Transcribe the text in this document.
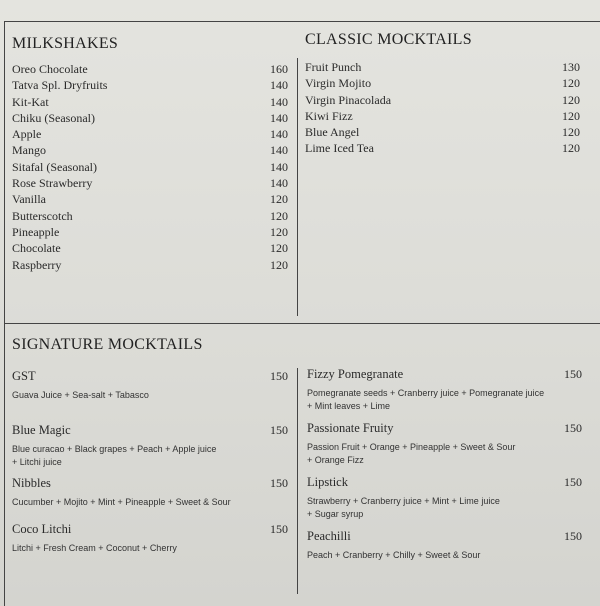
MILKSHAKES
Oreo Chocolate	160
Tatva Spl. Dryfruits	140
Kit-Kat	140
Chiku (Seasonal)	140
Apple	140
Mango	140
Sitafal (Seasonal)	140
Rose Strawberry	140
Vanilla	120
Butterscotch	120
Pineapple	120
Chocolate	120
Raspberry	120
CLASSIC MOCKTAILS
Fruit Punch	130
Virgin Mojito	120
Virgin Pinacolada	120
Kiwi Fizz	120
Blue Angel	120
Lime Iced Tea	120
SIGNATURE MOCKTAILS
GST	150
Guava Juice + Sea-salt + Tabasco
Blue Magic	150
Blue curacao + Black grapes + Peach + Apple juice
+ Litchi juice
Nibbles	150
Cucumber + Mojito + Mint + Pineapple + Sweet & Sour
Coco Litchi	150
Litchi + Fresh Cream + Coconut + Cherry
Fizzy Pomegranate	150
Pomegranate seeds + Cranberry juice + Pomegranate juice
+ Mint leaves + Lime
Passionate Fruity	150
Passion Fruit + Orange + Pineapple + Sweet & Sour
+ Orange Fizz
Lipstick	150
Strawberry + Cranberry juice + Mint + Lime juice
+ Sugar syrup
Peachilli	150
Peach + Cranberry + Chilly + Sweet & Sour
